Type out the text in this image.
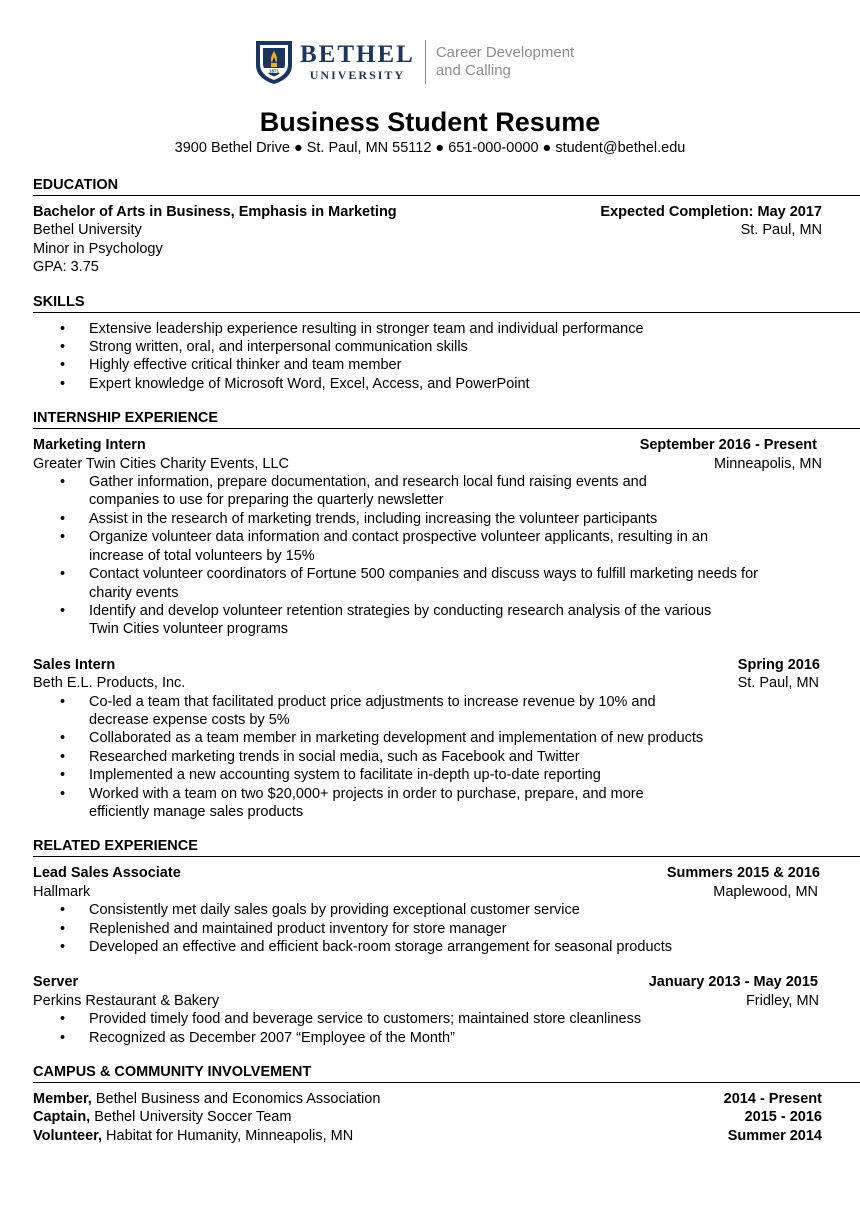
1871
BETHEL
UNIVERSITY
Career Development
and Calling
Business Student Resume
3900 Bethel Drive ● St. Paul, MN 55112 ● 651-000-0000 ● student@bethel.edu
EDUCATION
Bachelor of Arts in Business, Emphasis in Marketing	Expected Completion: May 2017
Bethel University	St. Paul, MN
Minor in Psychology
GPA: 3.75
SKILLS
• Extensive leadership experience resulting in stronger team and individual performance
• Strong written, oral, and interpersonal communication skills
• Highly effective critical thinker and team member
• Expert knowledge of Microsoft Word, Excel, Access, and PowerPoint
INTERNSHIP EXPERIENCE
Marketing Intern	September 2016 - Present
Greater Twin Cities Charity Events, LLC	Minneapolis, MN
• Gather information, prepare documentation, and research local fund raising events and companies to use for preparing the quarterly newsletter
• Assist in the research of marketing trends, including increasing the volunteer participants
• Organize volunteer data information and contact prospective volunteer applicants, resulting in an increase of total volunteers by 15%
• Contact volunteer coordinators of Fortune 500 companies and discuss ways to fulfill marketing needs for charity events
• Identify and develop volunteer retention strategies by conducting research analysis of the various Twin Cities volunteer programs
Sales Intern	Spring 2016
Beth E.L. Products, Inc.	St. Paul, MN
• Co-led a team that facilitated product price adjustments to increase revenue by 10% and decrease expense costs by 5%
• Collaborated as a team member in marketing development and implementation of new products
• Researched marketing trends in social media, such as Facebook and Twitter
• Implemented a new accounting system to facilitate in-depth up-to-date reporting
• Worked with a team on two $20,000+ projects in order to purchase, prepare, and more efficiently manage sales products
RELATED EXPERIENCE
Lead Sales Associate	Summers 2015 & 2016
Hallmark	Maplewood, MN
• Consistently met daily sales goals by providing exceptional customer service
• Replenished and maintained product inventory for store manager
• Developed an effective and efficient back-room storage arrangement for seasonal products
Server	January 2013 - May 2015
Perkins Restaurant & Bakery	Fridley, MN
• Provided timely food and beverage service to customers; maintained store cleanliness
• Recognized as December 2007 “Employee of the Month”
CAMPUS & COMMUNITY INVOLVEMENT
Member, Bethel Business and Economics Association	2014 - Present
Captain, Bethel University Soccer Team	2015 - 2016
Volunteer, Habitat for Humanity, Minneapolis, MN	Summer 2014
